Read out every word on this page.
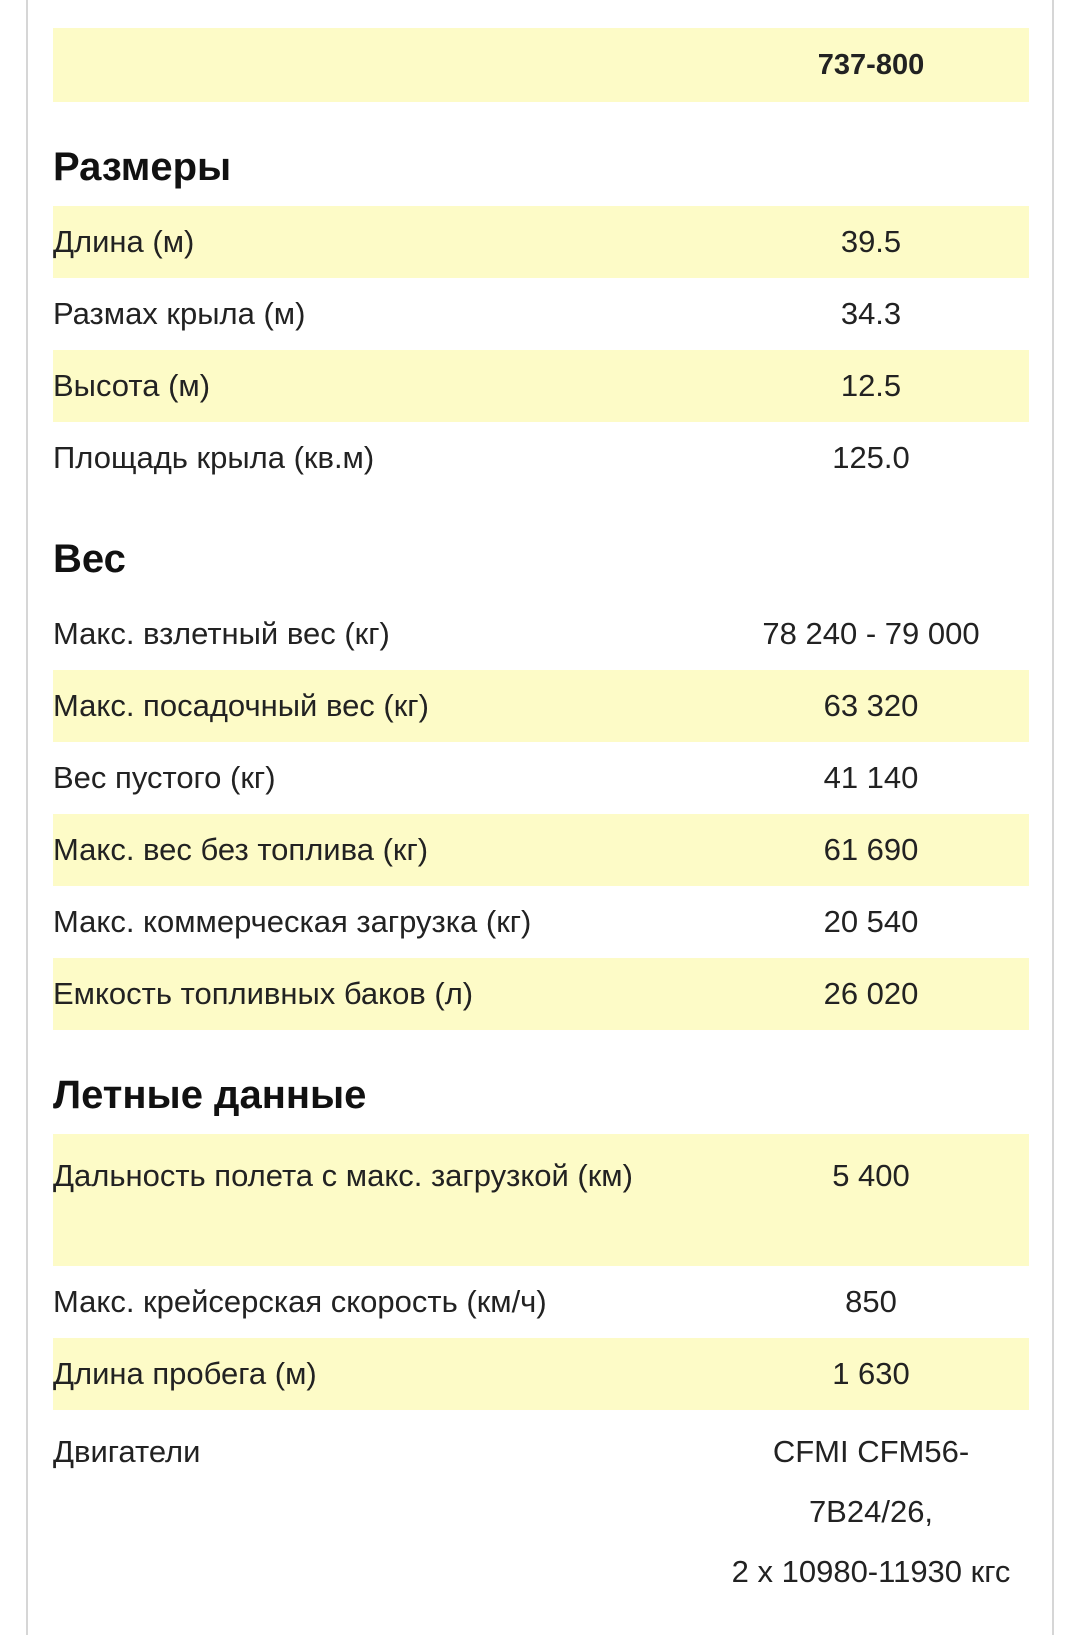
737-800
Размеры
Длина (м)	39.5
Размах крыла (м)	34.3
Высота (м)	12.5
Площадь крыла (кв.м)	125.0
Вес
Макс. взлетный вес (кг)	78 240 - 79 000
Макс. посадочный вес (кг)	63 320
Вес пустого (кг)	41 140
Макс. вес без топлива (кг)	61 690
Макс. коммерческая загрузка (кг)	20 540
Емкость топливных баков (л)	26 020
Летные данные
Дальность полета с макс. загрузкой (км)	5 400
Макс. крейсерская скорость (км/ч)	850
Длина пробега (м)	1 630
Двигатели	CFMI CFM56-
7B24/26,
2 x 10980-11930 кгс
